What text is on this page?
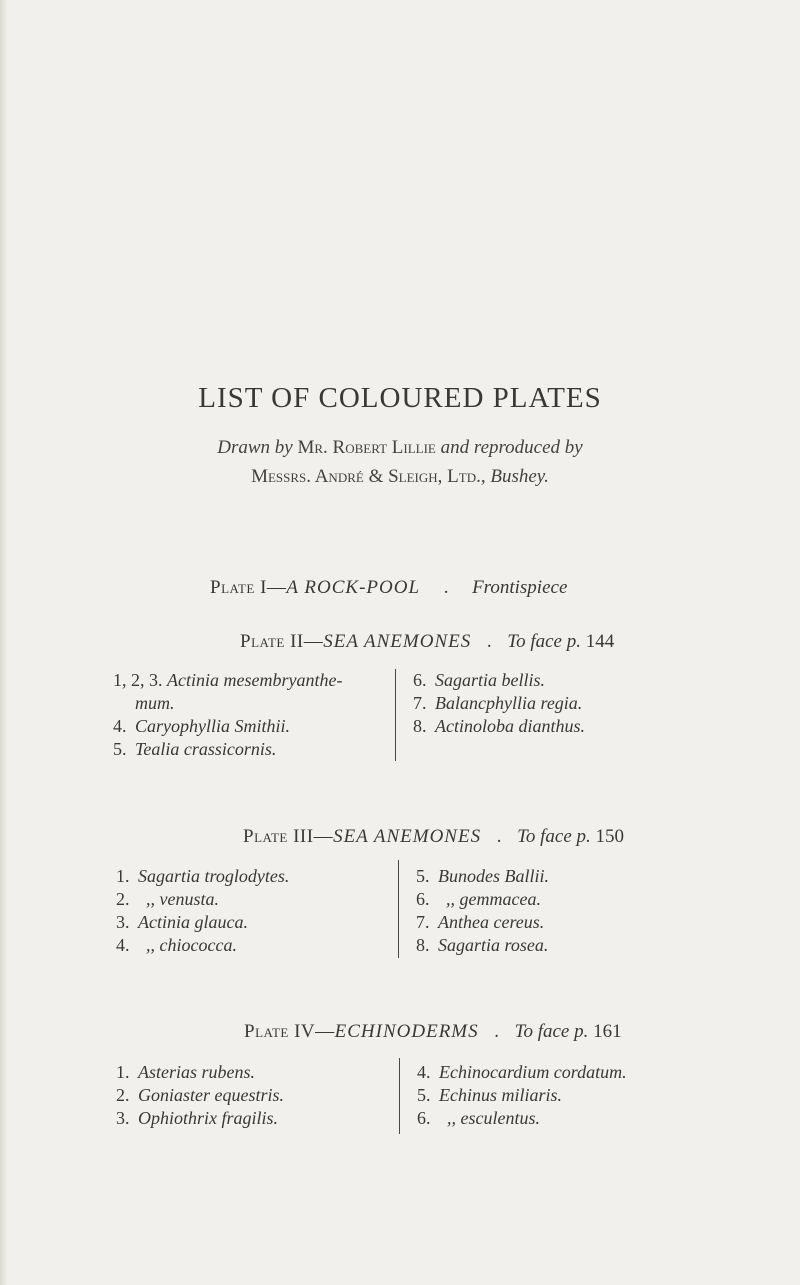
LIST OF COLOURED PLATES
Drawn by Mr. Robert Lillie and reproduced by
Messrs. André & Sleigh, Ltd., Bushey.
Plate I—A ROCK-POOL.Frontispiece
Plate II—SEA ANEMONES.To face p. 144
1, 2, 3. Actinia mesembryanthe-
mum.
4. Caryophyllia Smithii.
5. Tealia crassicornis.
6. Sagartia bellis.
7. Balancphyllia regia.
8. Actinoloba dianthus.
Plate III—SEA ANEMONES.To face p. 150
1. Sagartia troglodytes.
2. ,, venusta.
3. Actinia glauca.
4. ,, chiococca.
5. Bunodes Ballii.
6. ,, gemmacea.
7. Anthea cereus.
8. Sagartia rosea.
Plate IV—ECHINODERMS.To face p. 161
1. Asterias rubens.
2. Goniaster equestris.
3. Ophiothrix fragilis.
4. Echinocardium cordatum.
5. Echinus miliaris.
6. ,, esculentus.
